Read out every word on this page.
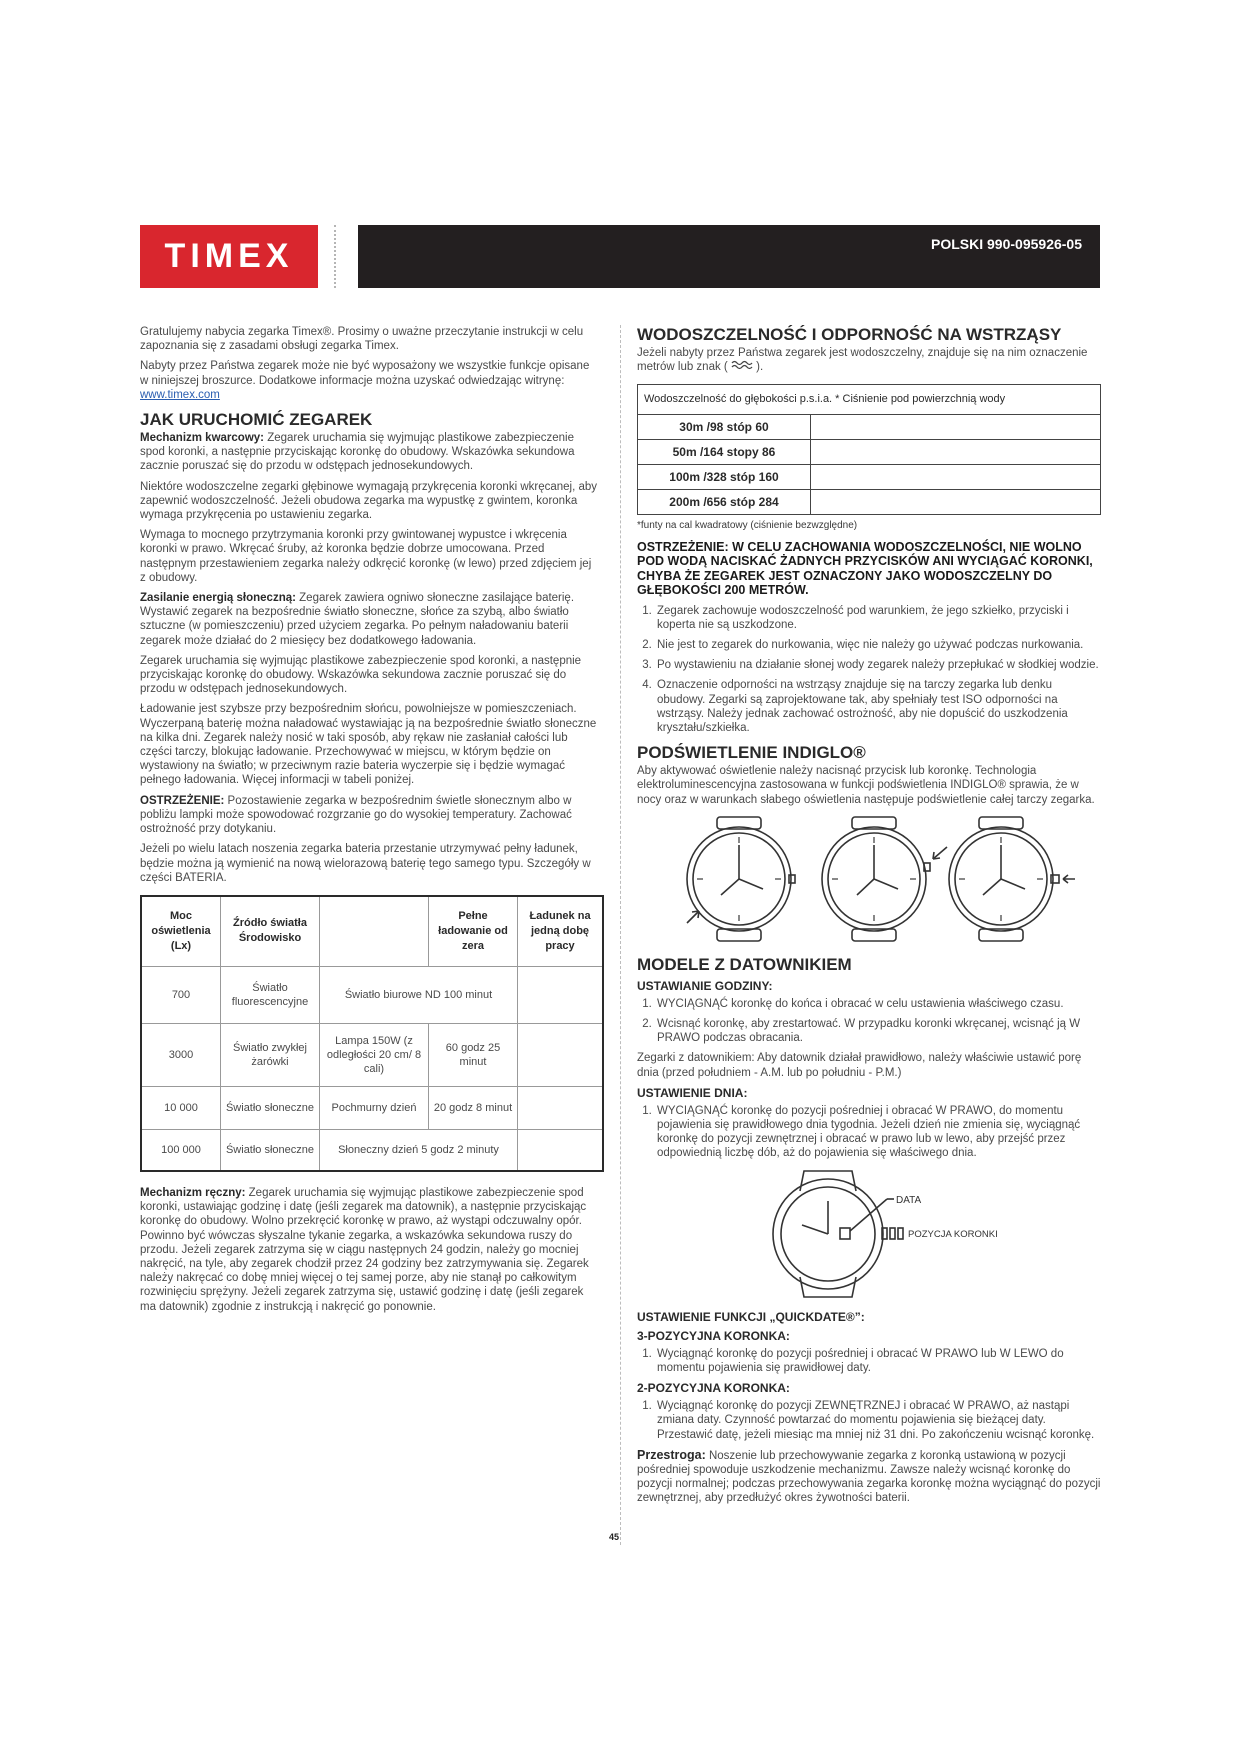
TIMEX	POLSKI 990-095926-05

Gratulujemy nabycia zegarka Timex®. Prosimy o uważne przeczytanie instrukcji w celu zapoznania się z zasadami obsługi zegarka Timex.

Nabyty przez Państwa zegarek może nie być wyposażony we wszystkie funkcje opisane w niniejszej broszurce. Dodatkowe informacje można uzyskać odwiedzając witrynę: www.timex.com

JAK URUCHOMIĆ ZEGAREK

Mechanizm kwarcowy: Zegarek uruchamia się wyjmując plastikowe zabezpieczenie spod koronki, a następnie przyciskając koronkę do obudowy. Wskazówka sekundowa zacznie poruszać się do przodu w odstępach jednosekundowych.

Niektóre wodoszczelne zegarki głębinowe wymagają przykręcenia koronki wkręcanej, aby zapewnić wodoszczelność. Jeżeli obudowa zegarka ma wypustkę z gwintem, koronka wymaga przykręcenia po ustawieniu zegarka.

Wymaga to mocnego przytrzymania koronki przy gwintowanej wypustce i wkręcenia koronki w prawo. Wkręcać śruby, aż koronka będzie dobrze umocowana. Przed następnym przestawieniem zegarka należy odkręcić koronkę (w lewo) przed zdjęciem jej z obudowy.

Zasilanie energią słoneczną: Zegarek zawiera ogniwo słoneczne zasilające baterię. Wystawić zegarek na bezpośrednie światło słoneczne, słońce za szybą, albo światło sztuczne (w pomieszczeniu) przed użyciem zegarka. Po pełnym naładowaniu baterii zegarek może działać do 2 miesięcy bez dodatkowego ładowania.

Zegarek uruchamia się wyjmując plastikowe zabezpieczenie spod koronki, a następnie przyciskając koronkę do obudowy. Wskazówka sekundowa zacznie poruszać się do przodu w odstępach jednosekundowych.

Ładowanie jest szybsze przy bezpośrednim słońcu, powolniejsze w pomieszczeniach. Wyczerpaną baterię można naładować wystawiając ją na bezpośrednie światło słoneczne na kilka dni. Zegarek należy nosić w taki sposób, aby rękaw nie zasłaniał całości lub części tarczy, blokując ładowanie. Przechowywać w miejscu, w którym będzie on wystawiony na światło; w przeciwnym razie bateria wyczerpie się i będzie wymagać pełnego ładowania. Więcej informacji w tabeli poniżej.

OSTRZEŻENIE: Pozostawienie zegarka w bezpośrednim świetle słonecznym albo w pobliżu lampki może spowodować rozgrzanie go do wysokiej temperatury. Zachować ostrożność przy dotykaniu.

Jeżeli po wielu latach noszenia zegarka bateria przestanie utrzymywać pełny ładunek, będzie można ją wymienić na nową wielorazową baterię tego samego typu. Szczegóły w części BATERIA.

Moc oświetlenia (Lx)	Źródło światła Środowisko		Pełne ładowanie od zera	Ładunek na jedną dobę pracy
700	Światło fluorescencyjne	Światło biurowe ND 100 minut		
3000	Światło zwykłej żarówki	Lampa 150W (z odległości 20 cm/ 8 cali)	60 godz 25 minut	
10 000	Światło słoneczne	Pochmurny dzień	20 godz 8 minut	
100 000	Światło słoneczne	Słoneczny dzień 5 godz 2 minuty		

Mechanizm ręczny: Zegarek uruchamia się wyjmując plastikowe zabezpieczenie spod koronki, ustawiając godzinę i datę (jeśli zegarek ma datownik), a następnie przyciskając koronkę do obudowy. Wolno przekręcić koronkę w prawo, aż wystąpi odczuwalny opór. Powinno być wówczas słyszalne tykanie zegarka, a wskazówka sekundowa ruszy do przodu. Jeżeli zegarek zatrzyma się w ciągu następnych 24 godzin, należy go mocniej nakręcić, na tyle, aby zegarek chodził przez 24 godziny bez zatrzymywania się. Zegarek należy nakręcać co dobę mniej więcej o tej samej porze, aby nie stanął po całkowitym rozwinięciu sprężyny. Jeżeli zegarek zatrzyma się, ustawić godzinę i datę (jeśli zegarek ma datownik) zgodnie z instrukcją i nakręcić go ponownie.

WODOSZCZELNOŚĆ I ODPORNOŚĆ NA WSTRZĄSY

Jeżeli nabyty przez Państwa zegarek jest wodoszczelny, znajduje się na nim oznaczenie metrów lub znak ( ).

Wodoszczelność do głębokości p.s.i.a. * Ciśnienie pod powierzchnią wody	
30m /98 stóp 60	
50m /164 stopy 86	
100m /328 stóp 160	
200m /656 stóp 284	

*funty na cal kwadratowy (ciśnienie bezwzględne)

OSTRZEŻENIE: W CELU ZACHOWANIA WODOSZCZELNOŚCI, NIE WOLNO POD WODĄ NACISKAĆ ŻADNYCH PRZYCISKÓW ANI WYCIĄGAĆ KORONKI, CHYBA ŻE ZEGAREK JEST OZNACZONY JAKO WODOSZCZELNY DO GŁĘBOKOŚCI 200 METRÓW.

1. Zegarek zachowuje wodoszczelność pod warunkiem, że jego szkiełko, przyciski i koperta nie są uszkodzone.
2. Nie jest to zegarek do nurkowania, więc nie należy go używać podczas nurkowania.
3. Po wystawieniu na działanie słonej wody zegarek należy przepłukać w słodkiej wodzie.
4. Oznaczenie odporności na wstrząsy znajduje się na tarczy zegarka lub denku obudowy. Zegarki są zaprojektowane tak, aby spełniały test ISO odporności na wstrząsy. Należy jednak zachować ostrożność, aby nie dopuścić do uszkodzenia kryształu/szkiełka.
PODŚWIETLENIE INDIGLO®

Aby aktywować oświetlenie należy nacisnąć przycisk lub koronkę. Technologia elektroluminescencyjna zastosowana w funkcji podświetlenia INDIGLO® sprawia, że w nocy oraz w warunkach słabego oświetlenia następuje podświetlenie całej tarczy zegarka.

MODELE Z DATOWNIKIEM
USTAWIANIE GODZINY:
1. WYCIĄGNĄĆ koronkę do końca i obracać w celu ustawienia właściwego czasu.
2. Wcisnąć koronkę, aby zrestartować. W przypadku koronki wkręcanej, wcisnąć ją W PRAWO podczas obracania.

Zegarki z datownikiem: Aby datownik działał prawidłowo, należy właściwie ustawić porę dnia (przed południem - A.M. lub po południu - P.M.)

USTAWIENIE DNIA:
1. WYCIĄGNĄĆ koronkę do pozycji pośredniej i obracać W PRAWO, do momentu pojawienia się prawidłowego dnia tygodnia. Jeżeli dzień nie zmienia się, wyciągnąć koronkę do pozycji zewnętrznej i obracać w prawo lub w lewo, aby przejść przez odpowiednią liczbę dób, aż do pojawienia się właściwego dnia.
DATA
POZYCJA KORONKI
USTAWIENIE FUNKCJI „QUICKDATE®”:
3-POZYCYJNA KORONKA:
1. Wyciągnąć koronkę do pozycji pośredniej i obracać W PRAWO lub W LEWO do momentu pojawienia się prawidłowej daty.
2-POZYCYJNA KORONKA:
1. Wyciągnąć koronkę do pozycji ZEWNĘTRZNEJ i obracać W PRAWO, aż nastąpi zmiana daty. Czynność powtarzać do momentu pojawienia się bieżącej daty. Przestawić datę, jeżeli miesiąc ma mniej niż 31 dni. Po zakończeniu wcisnąć koronkę.

Przestroga: Noszenie lub przechowywanie zegarka z koronką ustawioną w pozycji pośredniej spowoduje uszkodzenie mechanizmu. Zawsze należy wcisnąć koronkę do pozycji normalnej; podczas przechowywania zegarka koronkę można wyciągnąć do pozycji zewnętrznej, aby przedłużyć okres żywotności baterii.

45
